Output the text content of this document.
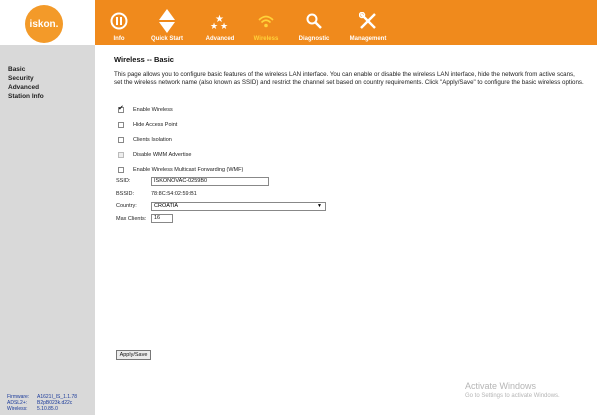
iskon.
Info	Quick Start
★
★ ★
Advanced	Wireless	Diagnostic	Management
Basic
Security
Advanced
Station Info
Firmware:	A1621I_IS_1.1.78
ADSL2+:	B2pB023k.d22c
Wireless:	5.10.85.0
Wireless -- Basic
This page allows you to configure basic features of the wireless LAN interface. You can enable or disable the wireless LAN interface, hide the network from active scans, set the wireless network name (also known as SSID) and restrict the channel set based on country requirements. Click "Apply/Save" to configure the basic wireless options.
✔
Enable Wireless
Hide Access Point
Clients Isolation
Disable WMM Advertise
Enable Wireless Multicast Forwarding (WMF)
SSID:	ISKONOVAC-0259B0
BSSID:	78:8C:54:02:59:B1
Country:	CROATIA	▼
Max Clients:	16
Apply/Save
Activate Windows
Go to Settings to activate Windows.
